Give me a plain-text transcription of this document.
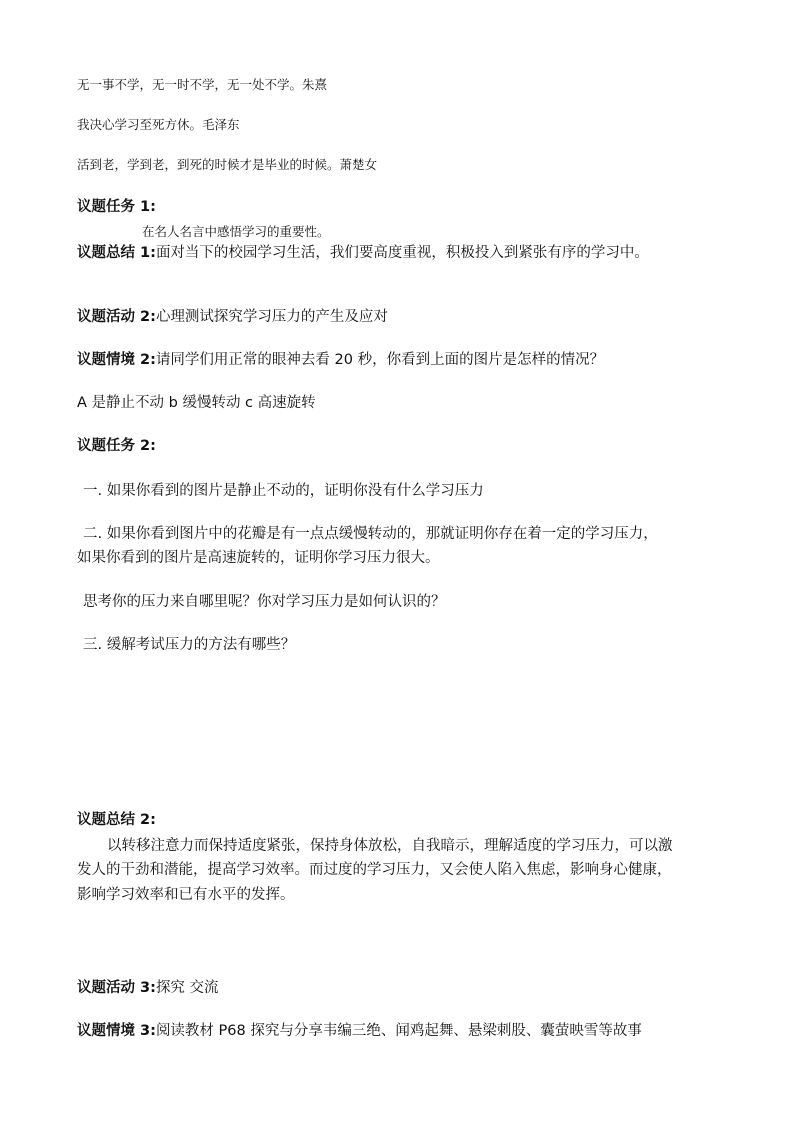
无一事不学，无一时不学，无一处不学。朱熹
我决心学习至死方休。毛泽东
活到老，学到老，到死的时候才是毕业的时候。萧楚女
议题任务 1:
在名人名言中感悟学习的重要性。
议题总结 1:面对当下的校园学习生活，我们要高度重视，积极投入到紧张有序的学习中。
议题活动 2:心理测试探究学习压力的产生及应对
议题情境 2:请同学们用正常的眼神去看 20 秒，你看到上面的图片是怎样的情况？
A 是静止不动 b 缓慢转动 c 高速旋转
议题任务 2:
一. 如果你看到的图片是静止不动的，证明你没有什么学习压力
二. 如果你看到图片中的花瓣是有一点点缓慢转动的，那就证明你存在着一定的学习压力，
如果你看到的图片是高速旋转的，证明你学习压力很大。
思考你的压力来自哪里呢？你对学习压力是如何认识的？
三. 缓解考试压力的方法有哪些？
议题总结 2:
以转移注意力而保持适度紧张，保持身体放松，自我暗示，理解适度的学习压力，可以激
发人的干劲和潜能，提高学习效率。而过度的学习压力，又会使人陷入焦虑，影响身心健康，
影响学习效率和已有水平的发挥。
议题活动 3:探究 交流
议题情境 3:阅读教材 P68 探究与分享韦编三绝、闻鸡起舞、悬梁刺股、囊萤映雪等故事
